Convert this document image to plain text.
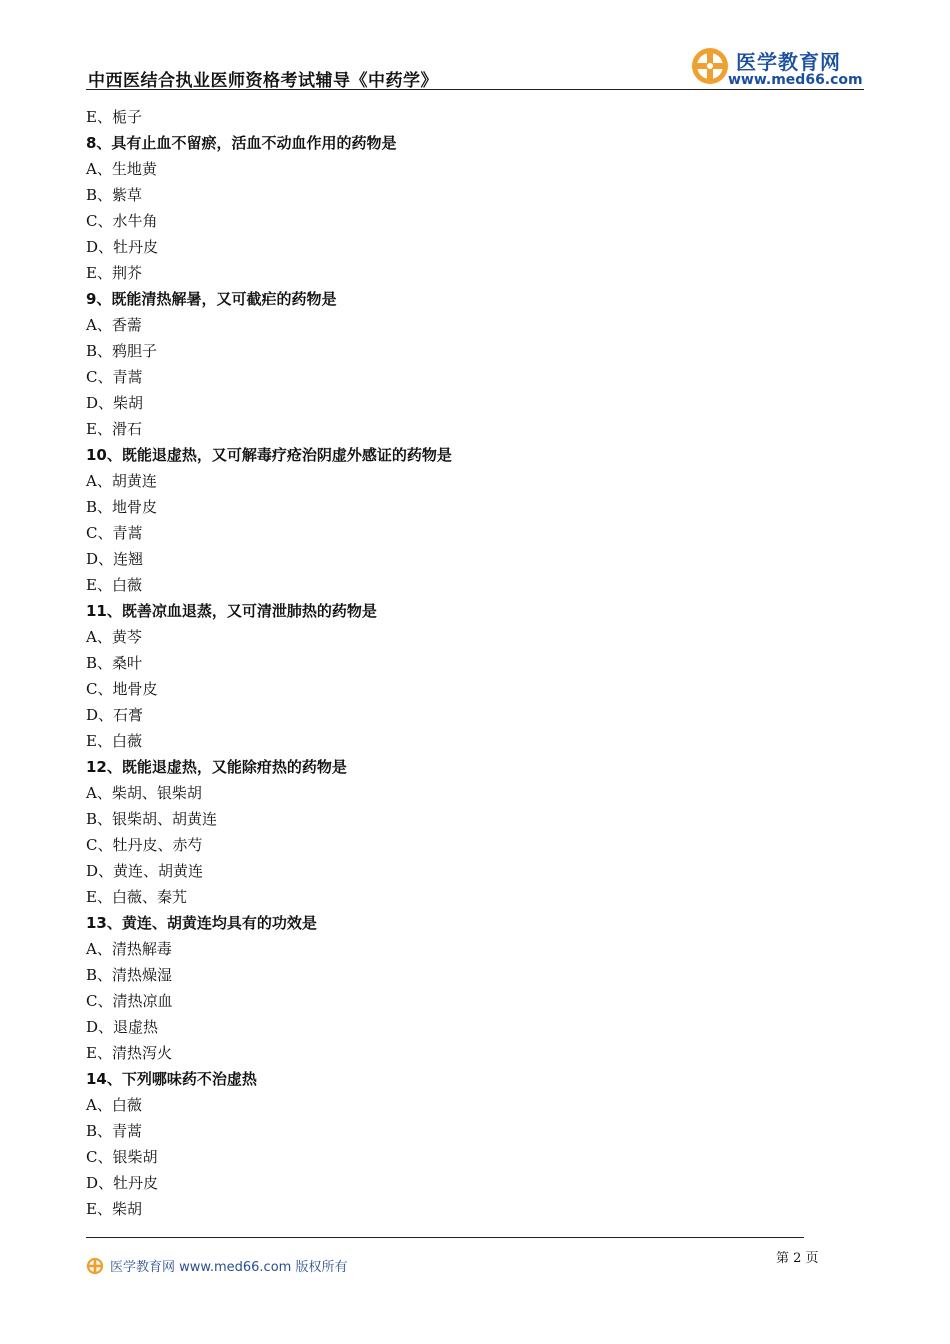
中西医结合执业医师资格考试辅导《中药学》
医学教育网
www.med66.com
E、栀子
8、具有止血不留瘀，活血不动血作用的药物是
A、生地黄
B、紫草
C、水牛角
D、牡丹皮
E、荆芥
9、既能清热解暑，又可截疟的药物是
A、香薷
B、鸦胆子
C、青蒿
D、柴胡
E、滑石
10、既能退虚热，又可解毒疗疮治阴虚外感证的药物是
A、胡黄连
B、地骨皮
C、青蒿
D、连翘
E、白薇
11、既善凉血退蒸，又可清泄肺热的药物是
A、黄芩
B、桑叶
C、地骨皮
D、石膏
E、白薇
12、既能退虚热，又能除疳热的药物是
A、柴胡、银柴胡
B、银柴胡、胡黄连
C、牡丹皮、赤芍
D、黄连、胡黄连
E、白薇、秦艽
13、黄连、胡黄连均具有的功效是
A、清热解毒
B、清热燥湿
C、清热凉血
D、退虚热
E、清热泻火
14、下列哪味药不治虚热
A、白薇
B、青蒿
C、银柴胡
D、牡丹皮
E、柴胡
第 2 页
医学教育网 www.med66.com 版权所有
